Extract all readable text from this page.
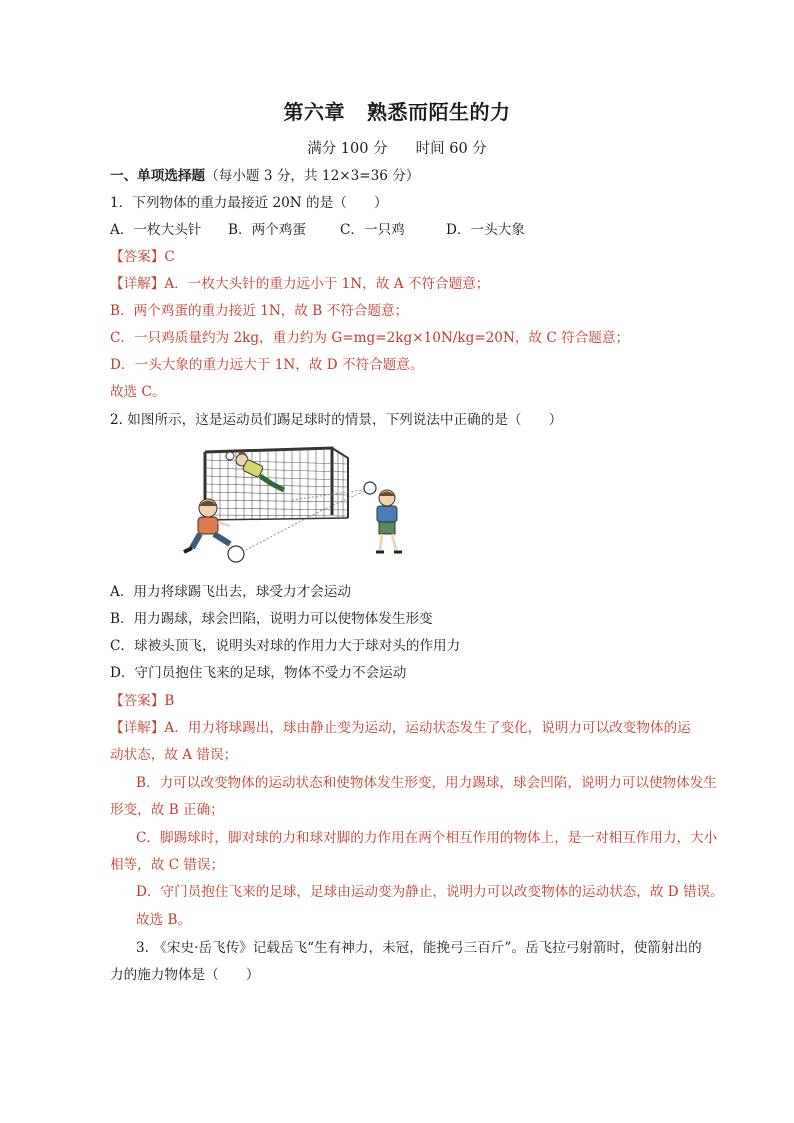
第六章 熟悉而陌生的力
满分 100 分 时间 60 分
一、单项选择题（每小题 3 分，共 12×3=36 分）
1．下列物体的重力最接近 20N 的是（　　）
A．一枚大头针 B．两个鸡蛋	C．一只鸡	D．一头大象
【答案】C
【详解】A．一枚大头针的重力远小于 1N，故 A 不符合题意；
B．两个鸡蛋的重力接近 1N，故 B 不符合题意；
C．一只鸡质量约为 2kg，重力约为 G=mg=2kg×10N/kg=20N，故 C 符合题意；
D．一头大象的重力远大于 1N，故 D 不符合题意。
故选 C。
2. 如图所示，这是运动员们踢足球时的情景，下列说法中正确的是（　　）
A．用力将球踢飞出去，球受力才会运动
B．用力踢球，球会凹陷，说明力可以使物体发生形变
C．球被头顶飞，说明头对球的作用力大于球对头的作用力
D．守门员抱住飞来的足球，物体不受力不会运动
【答案】B
【详解】A．用力将球踢出，球由静止变为运动，运动状态发生了变化，说明力可以改变物体的运
动状态，故 A 错误；
B．力可以改变物体的运动状态和使物体发生形变，用力踢球，球会凹陷，说明力可以使物体发生
形变，故 B 正确；
C．脚踢球时，脚对球的力和球对脚的力作用在两个相互作用的物体上，是一对相互作用力，大小
相等，故 C 错误；
D．守门员抱住飞来的足球，足球由运动变为静止，说明力可以改变物体的运动状态，故 D 错误。
故选 B。
3. 《宋史·岳飞传》记载岳飞“生有神力，未冠，能挽弓三百斤”。岳飞拉弓射箭时，使箭射出的
力的施力物体是（　　）
